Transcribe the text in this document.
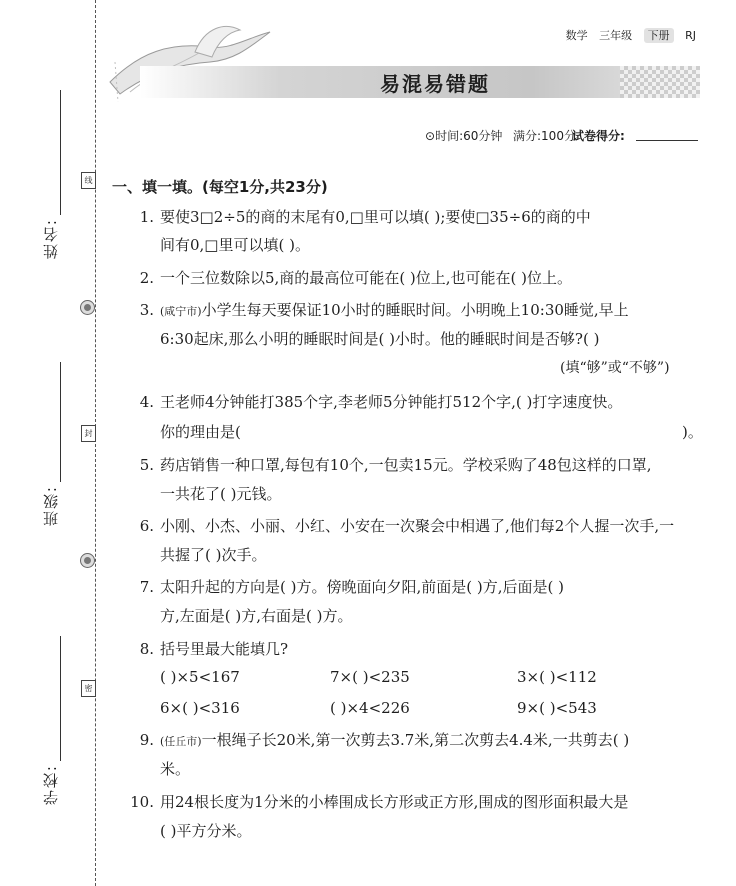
姓名:
班级:
学校:
线
封
密
数学 三年级 下册 RJ
易混易错题
⊙时间:60分钟 满分:100分
试卷得分:
一、填一填。(每空1分,共23分)
1. 要使3□2÷5的商的末尾有0,□里可以填( );要使□35÷6的商的中
间有0,□里可以填( )。
2. 一个三位数除以5,商的最高位可能在( )位上,也可能在( )位上。
3. (咸宁市)小学生每天要保证10小时的睡眠时间。小明晚上10:30睡觉,早上
6:30起床,那么小明的睡眠时间是( )小时。他的睡眠时间是否够?( )
(填“够”或“不够”)
4. 王老师4分钟能打385个字,李老师5分钟能打512个字,( )打字速度快。
你的理由是(	)。
5. 药店销售一种口罩,每包有10个,一包卖15元。学校采购了48包这样的口罩,
一共花了( )元钱。
6. 小刚、小杰、小丽、小红、小安在一次聚会中相遇了,他们每2个人握一次手,一
共握了( )次手。
7. 太阳升起的方向是( )方。傍晚面向夕阳,前面是( )方,后面是( )
方,左面是( )方,右面是( )方。
8. 括号里最大能填几?
( )×5<167	7×( )<235	3×( )<112
6×( )<316	( )×4<226	9×( )<543
9. (任丘市)一根绳子长20米,第一次剪去3.7米,第二次剪去4.4米,一共剪去( )
米。
10. 用24根长度为1分米的小棒围成长方形或正方形,围成的图形面积最大是
( )平方分米。
